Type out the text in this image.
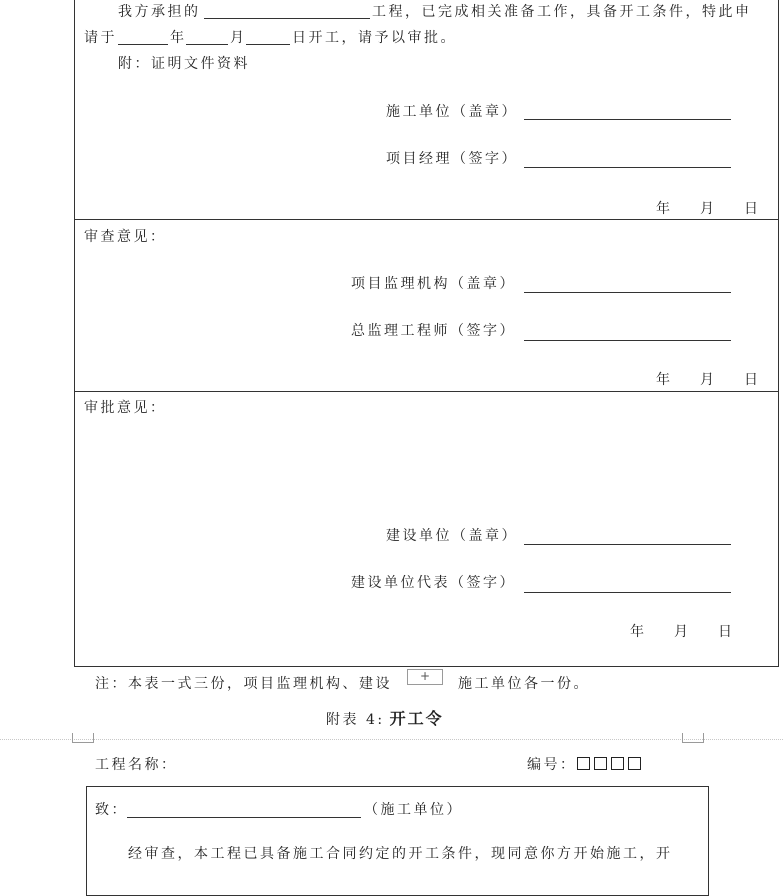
我方承担的	工程，已完成相关准备工作，具备开工条件，特此申
请于	年	月	日开工，请予以审批。
附：证明文件资料
施工单位（盖章）
项目经理（签字）
年 月 日
审查意见：
项目监理机构（盖章）
总监理工程师（签字）
年 月 日
审批意见：
建设单位（盖章）
建设单位代表（签字）
年 月 日
注：本表一式三份，项目监理机构、建设	施工单位各一份。
+
附表 4: 开工令
工程名称：	编号：
致：	（施工单位）
经审查，本工程已具备施工合同约定的开工条件，现同意你方开始施工，开
